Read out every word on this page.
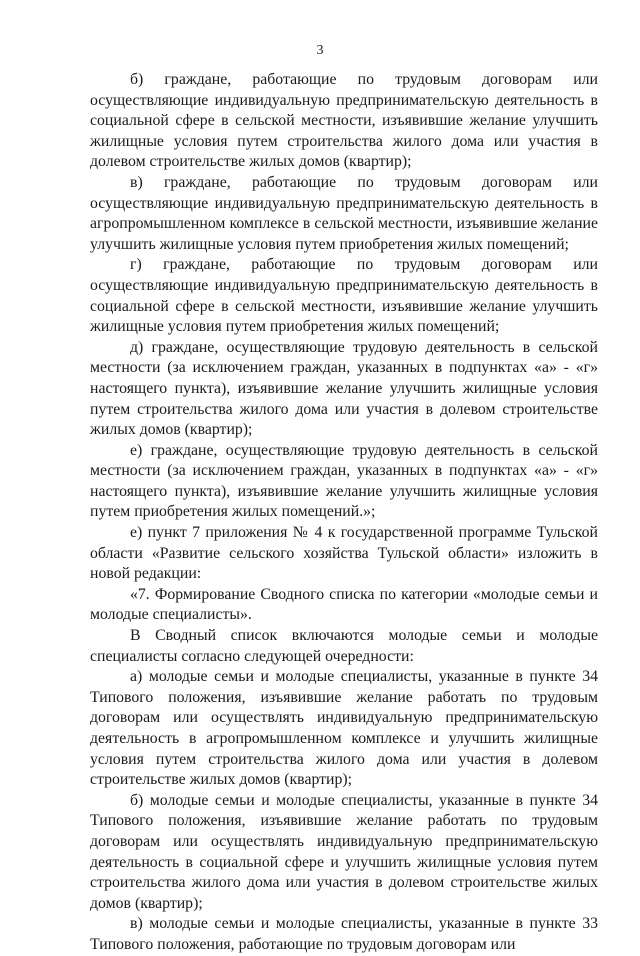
3

б) граждане, работающие по трудовым договорам или осуществляющие индивидуальную предпринимательскую деятельность в социальной сфере в сельской местности, изъявившие желание улучшить жилищные условия путем строительства жилого дома или участия в долевом строительстве жилых домов (квартир);

в) граждане, работающие по трудовым договорам или осуществляющие индивидуальную предпринимательскую деятельность в агропромышленном комплексе в сельской местности, изъявившие желание улучшить жилищные условия путем приобретения жилых помещений;

г) граждане, работающие по трудовым договорам или осуществляющие индивидуальную предпринимательскую деятельность в социальной сфере в сельской местности, изъявившие желание улучшить жилищные условия путем приобретения жилых помещений;

д) граждане, осуществляющие трудовую деятельность в сельской местности (за исключением граждан, указанных в подпунктах «а» - «г» настоящего пункта), изъявившие желание улучшить жилищные условия путем строительства жилого дома или участия в долевом строительстве жилых домов (квартир);

е) граждане, осуществляющие трудовую деятельность в сельской местности (за исключением граждан, указанных в подпунктах «а» - «г» настоящего пункта), изъявившие желание улучшить жилищные условия путем приобретения жилых помещений.»;

е) пункт 7 приложения № 4 к государственной программе Тульской области «Развитие сельского хозяйства Тульской области» изложить в новой редакции:

«7. Формирование Сводного списка по категории «молодые семьи и молодые специалисты».

В Сводный список включаются молодые семьи и молодые специалисты согласно следующей очередности:

а) молодые семьи и молодые специалисты, указанные в пункте 34 Типового положения, изъявившие желание работать по трудовым договорам или осуществлять индивидуальную предпринимательскую деятельность в агропромышленном комплексе и улучшить жилищные условия путем строительства жилого дома или участия в долевом строительстве жилых домов (квартир);

б) молодые семьи и молодые специалисты, указанные в пункте 34 Типового положения, изъявившие желание работать по трудовым договорам или осуществлять индивидуальную предпринимательскую деятельность в социальной сфере и улучшить жилищные условия путем строительства жилого дома или участия в долевом строительстве жилых домов (квартир);

в) молодые семьи и молодые специалисты, указанные в пункте 33 Типового положения, работающие по трудовым договорам или
